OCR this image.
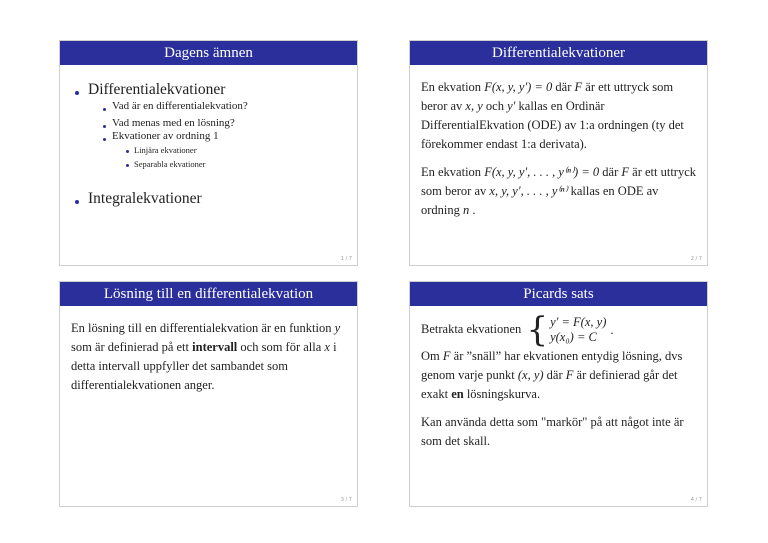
Dagens ämnen
Differentialekvationer
Vad är en differentialekvation?
Vad menas med en lösning?
Ekvationer av ordning 1
Linjära ekvationer
Separabla ekvationer
Integralekvationer
1 / 7
Differentialekvationer

En ekvation F(x, y, y′) = 0 där F är ett uttryck som beror av x, y och y′ kallas en Ordinär DifferentialEkvation (ODE) av 1:a ordningen (ty det förekommer endast 1:a derivata).

En ekvation F(x, y, y′, . . . , y⁽ⁿ⁾) = 0 där F är ett uttryck som beror av x, y, y′, . . . , y⁽ⁿ⁾ kallas en ODE av ordning n .

2 / 7
Lösning till en differentialekvation

En lösning till en differentialekvation är en funktion y som är definierad på ett intervall och som för alla x i detta intervall uppfyller det sambandet som differentialekvationen anger.

3 / 7
Picards sats
Betrakta ekvationen { y′ = F(x, y)
y(x₀) = C
.

Om F är ”snäll” har ekvationen entydig lösning, dvs genom varje punkt (x, y) där F är definierad går det exakt en lösningskurva.

Kan använda detta som "markör" på att något inte är som det skall.

4 / 7
